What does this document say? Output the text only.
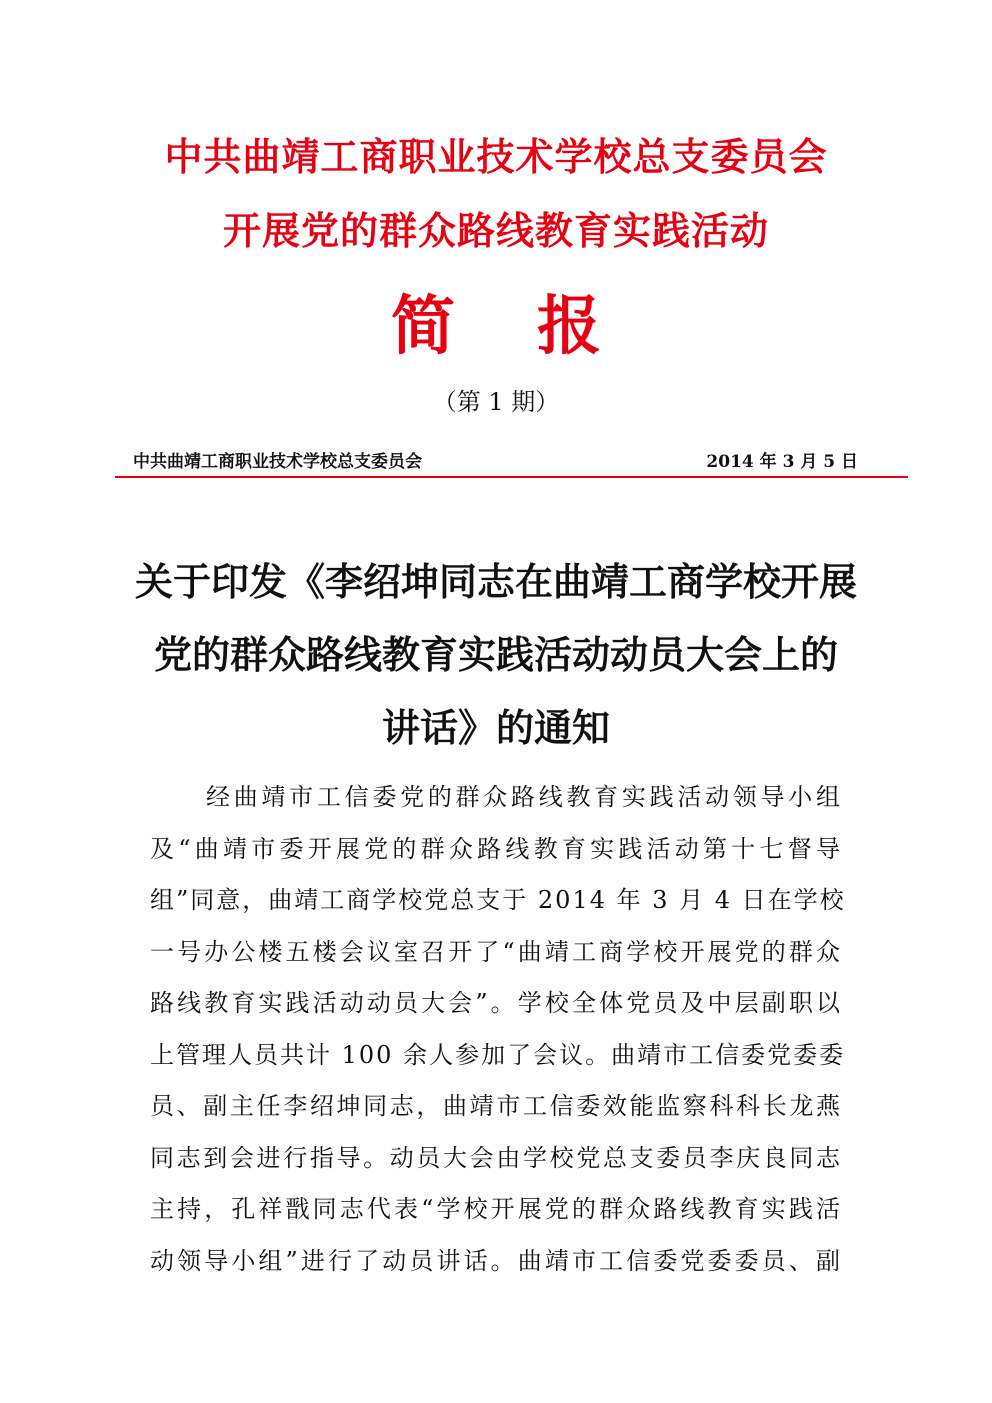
中共曲靖工商职业技术学校总支委员会
开展党的群众路线教育实践活动
简报
（第 1 期）
中共曲靖工商职业技术学校总支委员会	2014 年 3 月 5 日
关于印发《李绍坤同志在曲靖工商学校开展
党的群众路线教育实践活动动员大会上的
讲话》的通知
经曲靖市工信委党的群众路线教育实践活动领导小组
及“曲靖市委开展党的群众路线教育实践活动第十七督导
组”同意，曲靖工商学校党总支于 2014 年 3 月 4 日在学校
一号办公楼五楼会议室召开了“曲靖工商学校开展党的群众
路线教育实践活动动员大会”。学校全体党员及中层副职以
上管理人员共计 100 余人参加了会议。曲靖市工信委党委委
员、副主任李绍坤同志，曲靖市工信委效能监察科科长龙燕
同志到会进行指导。动员大会由学校党总支委员李庆良同志
主持，孔祥戬同志代表“学校开展党的群众路线教育实践活
动领导小组”进行了动员讲话。曲靖市工信委党委委员、副
